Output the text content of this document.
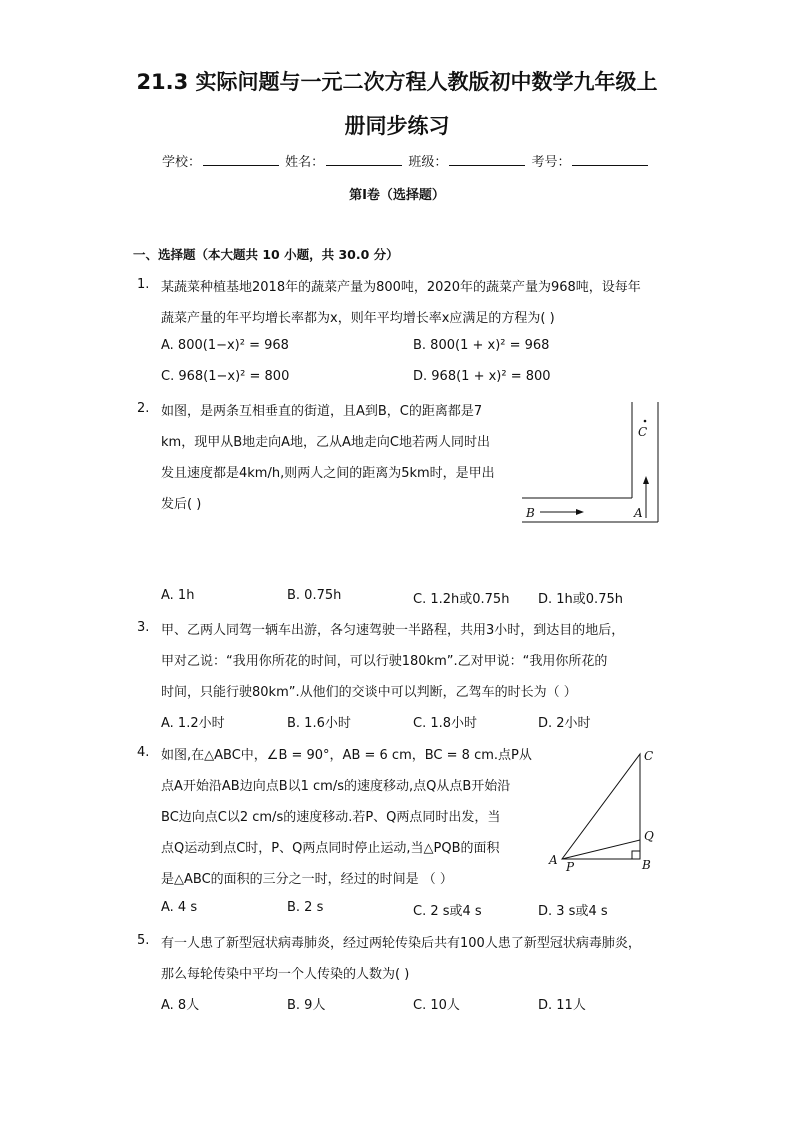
21.3 实际问题与一元二次方程人教版初中数学九年级上
册同步练习
学校：	姓名：	班级：	考号：
第Ⅰ卷（选择题）
一、选择题（本大题共 10 小题，共 30.0 分）
1. 某蔬菜种植基地2018年的蔬菜产量为800吨，2020年的蔬菜产量为968吨，设每年
蔬菜产量的年平均增长率都为x，则年平均增长率x应满足的方程为( )
A. 800(1−x)² = 968	B. 800(1 + x)² = 968
C. 968(1−x)² = 800	D. 968(1 + x)² = 800
2. 如图，是两条互相垂直的街道，且A到B，C的距离都是7
km，现甲从B地走向A地，乙从A地走向C地若两人同时出
发且速度都是4km/h,则两人之间的距离为5km时，是甲出
发后( )
B	A
C
A. 1h	B. 0.75h	C. 1.2h或0.75h D. 1h或0.75h
3. 甲、乙两人同驾一辆车出游，各匀速驾驶一半路程，共用3小时，到达目的地后，
甲对乙说：“我用你所花的时间，可以行驶180km”.乙对甲说：“我用你所花的
时间，只能行驶80km”.从他们的交谈中可以判断，乙驾车的时长为（ ）
A. 1.2小时	B. 1.6小时	C. 1.8小时	D. 2小时
4. 如图,在△ABC中，∠B = 90°，AB = 6 cm，BC = 8 cm.点P从
点A开始沿AB边向点B以1 cm/s的速度移动,点Q从点B开始沿
BC边向点C以2 cm/s的速度移动.若P、Q两点同时出发，当
点Q运动到点C时，P、Q两点同时停止运动,当△PQB的面积
是△ABC的面积的三分之一时，经过的时间是 （ ）
C
Q
A P	B
A. 4 s	B. 2 s	C. 2 s或4 s	D. 3 s或4 s
5. 有一人患了新型冠状病毒肺炎，经过两轮传染后共有100人患了新型冠状病毒肺炎，
那么每轮传染中平均一个人传染的人数为( )
A. 8人	B. 9人	C. 10人	D. 11人
